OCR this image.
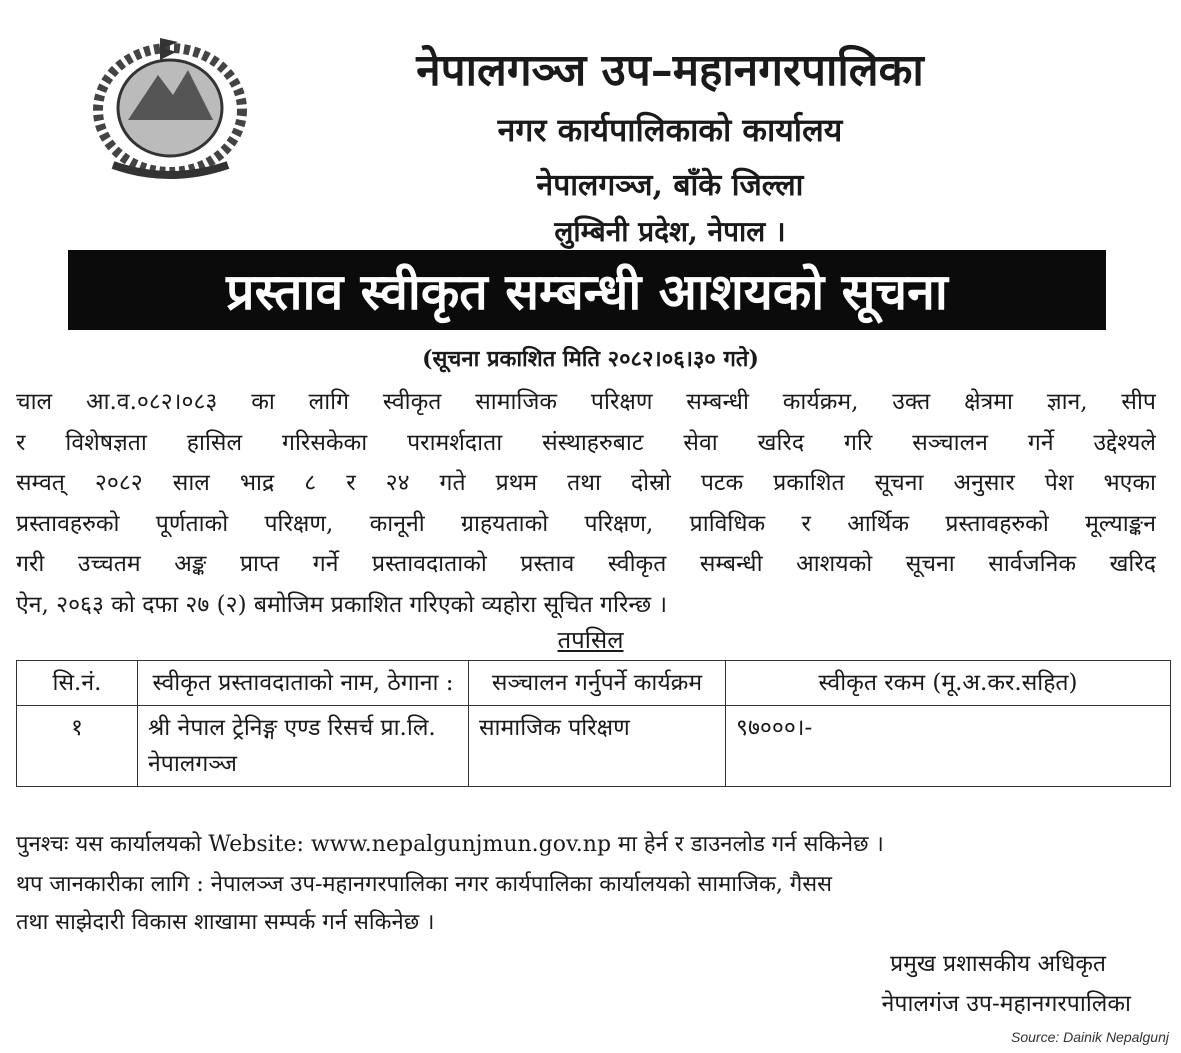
नेपालगञ्ज उप–महानगरपालिका
नगर कार्यपालिकाको कार्यालय
नेपालगञ्ज, बाँके जिल्ला
लुम्बिनी प्रदेश, नेपाल ।
प्रस्ताव स्वीकृत सम्बन्धी आशयको सूचना
(सूचना प्रकाशित मिति २०८२।०६।३० गते)
चाल आ.व.०८२।०८३ का लागि स्वीकृत सामाजिक परिक्षण सम्बन्धी कार्यक्रम, उक्त क्षेत्रमा ज्ञान, सीप
र विशेषज्ञता हासिल गरिसकेका परामर्शदाता संस्थाहरुबाट सेवा खरिद गरि सञ्चालन गर्ने उद्देश्यले
सम्वत् २०८२ साल भाद्र ८ र २४ गते प्रथम तथा दोस्रो पटक प्रकाशित सूचना अनुसार पेश भएका
प्रस्तावहरुको पूर्णताको परिक्षण, कानूनी ग्राहयताको परिक्षण, प्राविधिक र आर्थिक प्रस्तावहरुको मूल्याङ्कन
गरी उच्चतम अङ्क प्राप्त गर्ने प्रस्तावदाताको प्रस्ताव स्वीकृत सम्बन्धी आशयको सूचना सार्वजनिक खरिद
ऐन, २०६३ को दफा २७ (२) बमोजिम प्रकाशित गरिएको व्यहोरा सूचित गरिन्छ ।
तपसिल
सि.नं.	स्वीकृत प्रस्तावदाताको नाम, ठेगाना :	सञ्चालन गर्नुपर्ने कार्यक्रम	स्वीकृत रकम (मू.अ.कर.सहित)
१	श्री नेपाल ट्रेनिङ्ग एण्ड रिसर्च प्रा.लि. नेपालगञ्ज	सामाजिक परिक्षण	९७०००।-
पुनश्चः यस कार्यालयको Website: www.nepalgunjmun.gov.np मा हेर्न र डाउनलोड गर्न सकिनेछ ।
थप जानकारीका लागि : नेपालञ्ज उप-महानगरपालिका नगर कार्यपालिका कार्यालयको सामाजिक, गैसस
तथा साझेदारी विकास शाखामा सम्पर्क गर्न सकिनेछ ।
प्रमुख प्रशासकीय अधिकृत
नेपालगंज उप-महानगरपालिका
Source: Dainik Nepalgunj
